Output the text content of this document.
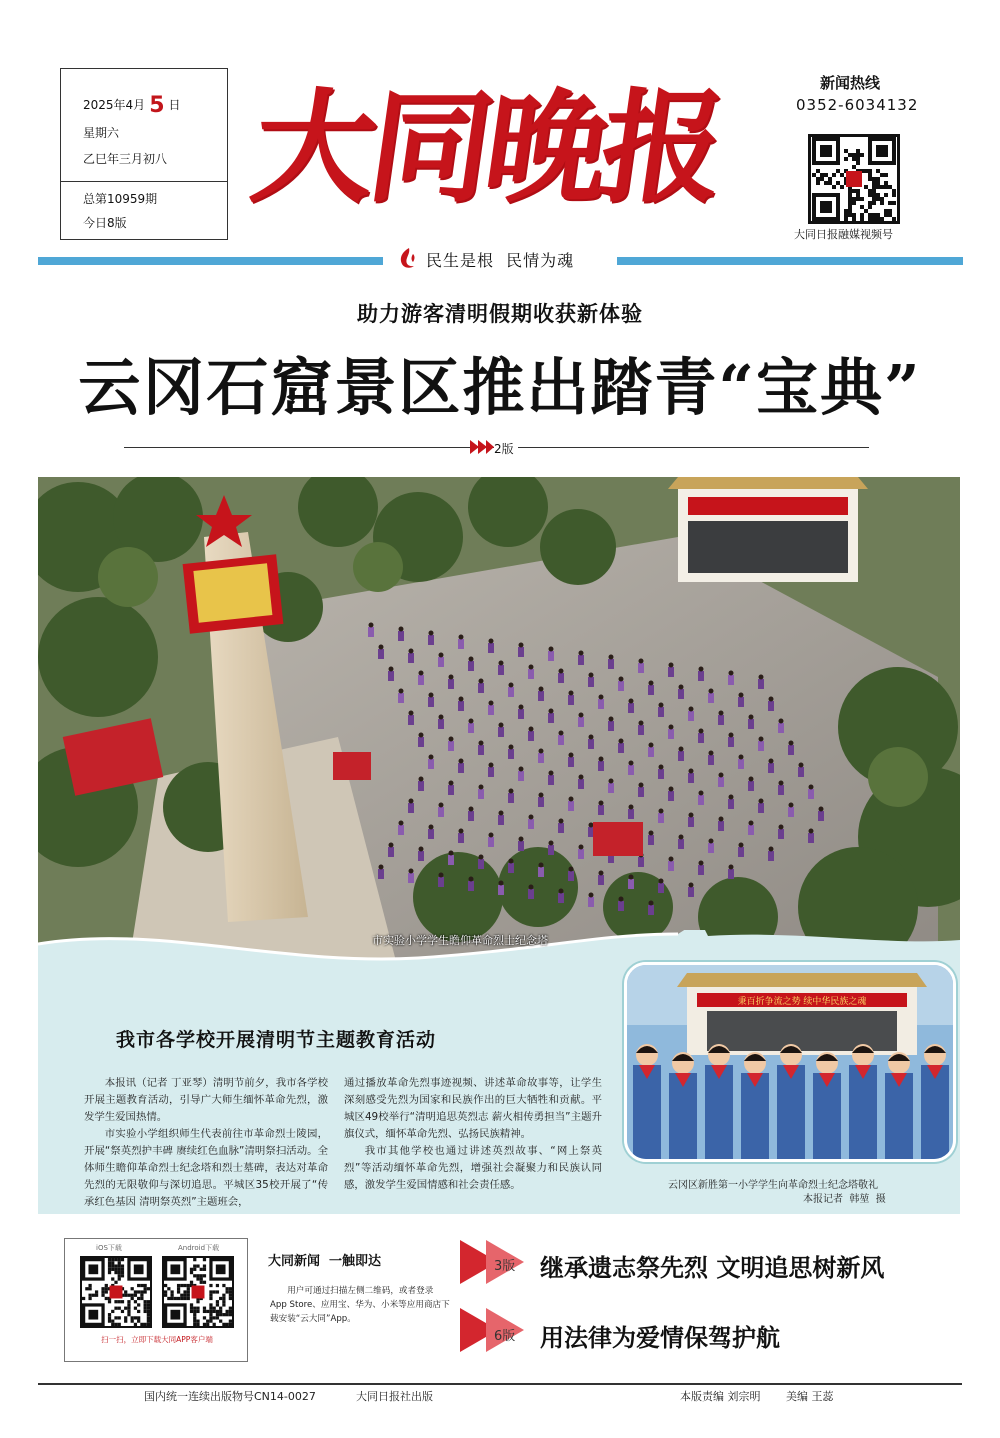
2025年4月 5 日
星期六
乙巳年三月初八
总第10959期
今日8版
大同晚报	新闻热线
0352-6034132
大同日报融媒视频号
民生是根  民情为魂
助力游客清明假期收获新体验
云冈石窟景区推出踏青“宝典”
2版
市实验小学学生瞻仰革命烈士纪念塔
我市各学校开展清明节主题教育活动

本报讯（记者 丁亚琴）清明节前夕，我市各学校开展主题教育活动，引导广大师生缅怀革命先烈，激发学生爱国热情。

市实验小学组织师生代表前往市革命烈士陵园，开展“祭英烈护丰碑 赓续红色血脉”清明祭扫活动。全体师生瞻仰革命烈士纪念塔和烈士墓碑，表达对革命先烈的无限敬仰与深切追思。平城区35校开展了“传承红色基因 清明祭英烈”主题班会，

通过播放革命先烈事迹视频、讲述革命故事等，让学生深刻感受先烈为国家和民族作出的巨大牺牲和贡献。平城区49校举行“清明追思英烈志 薪火相传勇担当”主题升旗仪式，缅怀革命先烈、弘扬民族精神。

我市其他学校也通过讲述英烈故事、“网上祭英烈”等活动缅怀革命先烈，增强社会凝聚力和民族认同感，激发学生爱国情感和社会责任感。

秉百折争流之势 续中华民族之魂
云冈区新胜第一小学学生向革命烈士纪念塔敬礼
本报记者  韩堃  摄
iOS下载	Android下载
扫一扫，立即下载大同APP客户端
大同新闻  一触即达
用户可通过扫描左侧二维码，或者登录App Store、应用宝、华为、小米等应用商店下载安装“云大同”App。
3版 继承遗志祭先烈 文明追思树新风
6版 用法律为爱情保驾护航
国内统一连续出版物号CN14-0027	大同日报社出版	本版责编 刘宗明 美编 王蕊
